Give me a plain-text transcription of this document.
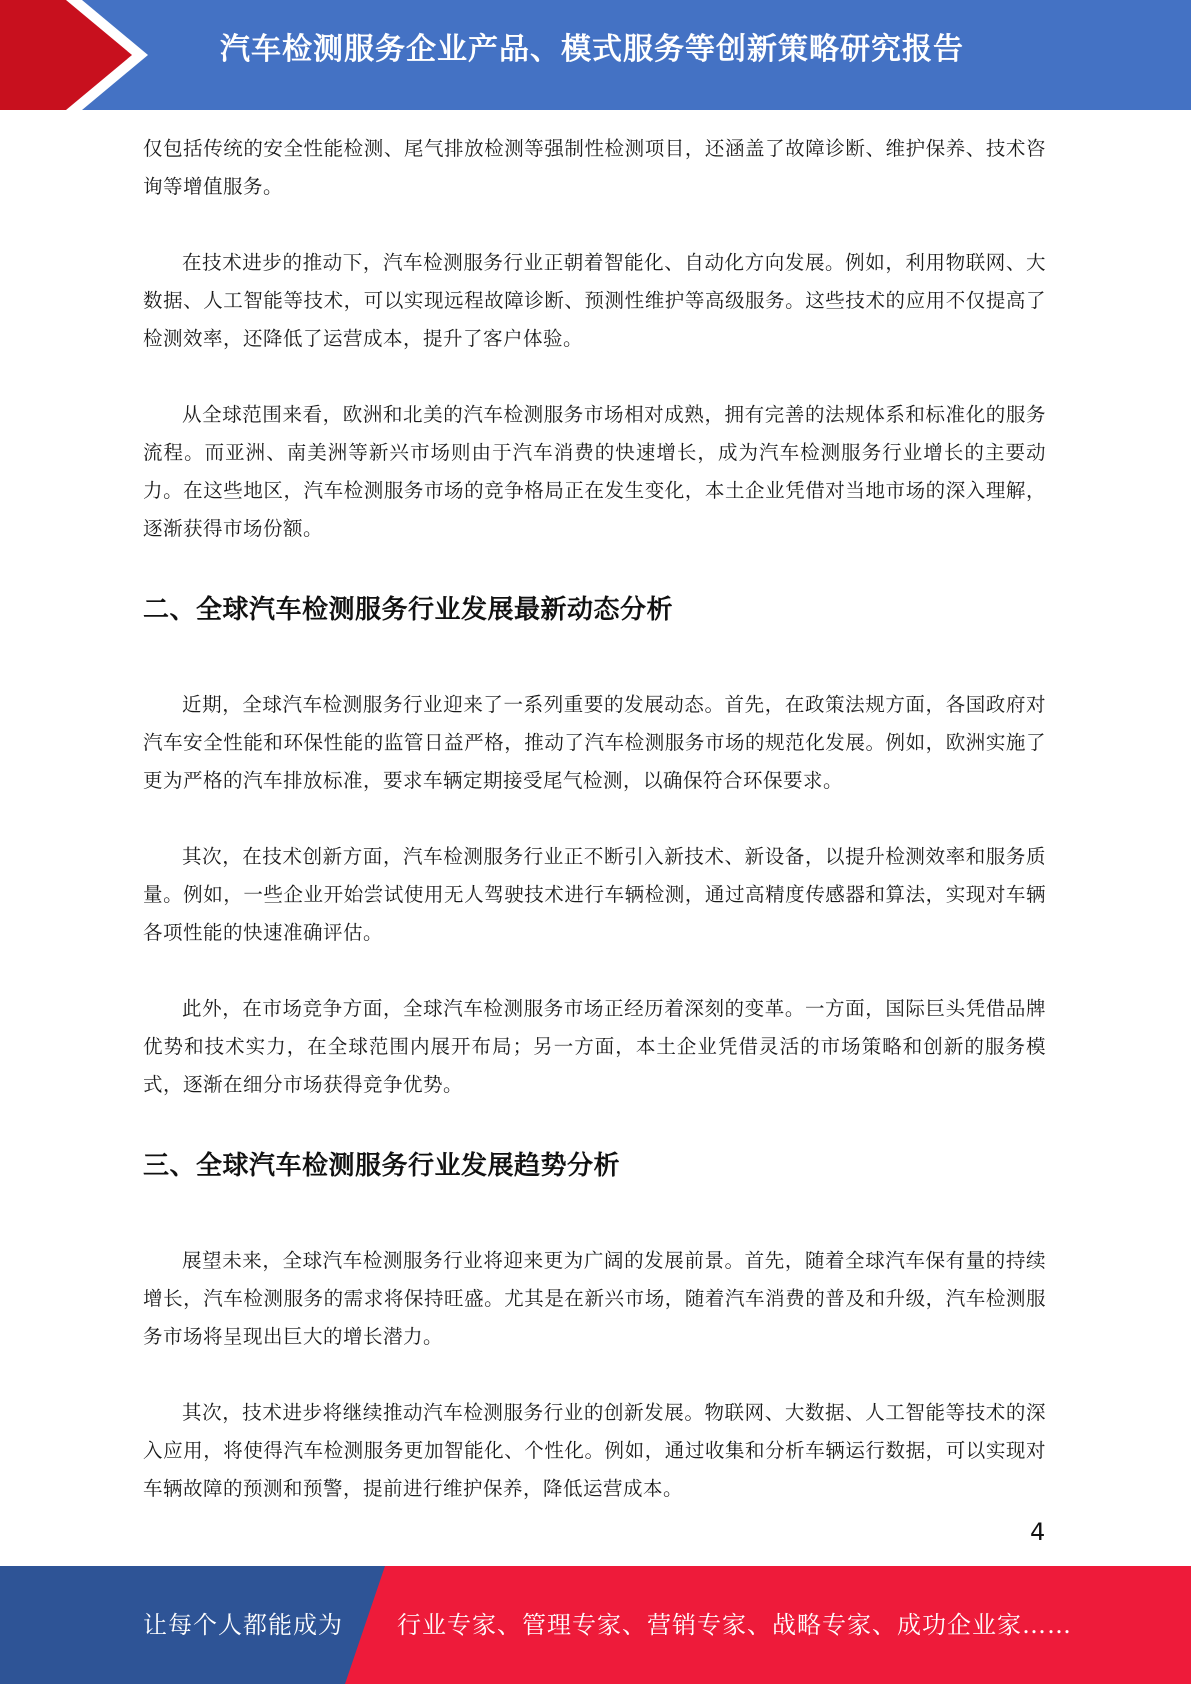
汽车检测服务企业产品、模式服务等创新策略研究报告

仅包括传统的安全性能检测、尾气排放检测等强制性检测项目，还涵盖了故障诊断、维护保养、技术咨询等增值服务。

在技术进步的推动下，汽车检测服务行业正朝着智能化、自动化方向发展。例如，利用物联网、大数据、人工智能等技术，可以实现远程故障诊断、预测性维护等高级服务。这些技术的应用不仅提高了检测效率，还降低了运营成本，提升了客户体验。

从全球范围来看，欧洲和北美的汽车检测服务市场相对成熟，拥有完善的法规体系和标准化的服务流程。而亚洲、南美洲等新兴市场则由于汽车消费的快速增长，成为汽车检测服务行业增长的主要动力。在这些地区，汽车检测服务市场的竞争格局正在发生变化，本土企业凭借对当地市场的深入理解，逐渐获得市场份额。

二、全球汽车检测服务行业发展最新动态分析

近期，全球汽车检测服务行业迎来了一系列重要的发展动态。首先，在政策法规方面，各国政府对汽车安全性能和环保性能的监管日益严格，推动了汽车检测服务市场的规范化发展。例如，欧洲实施了更为严格的汽车排放标准，要求车辆定期接受尾气检测，以确保符合环保要求。

其次，在技术创新方面，汽车检测服务行业正不断引入新技术、新设备，以提升检测效率和服务质量。例如，一些企业开始尝试使用无人驾驶技术进行车辆检测，通过高精度传感器和算法，实现对车辆各项性能的快速准确评估。

此外，在市场竞争方面，全球汽车检测服务市场正经历着深刻的变革。一方面，国际巨头凭借品牌优势和技术实力，在全球范围内展开布局；另一方面，本土企业凭借灵活的市场策略和创新的服务模式，逐渐在细分市场获得竞争优势。

三、全球汽车检测服务行业发展趋势分析

展望未来，全球汽车检测服务行业将迎来更为广阔的发展前景。首先，随着全球汽车保有量的持续增长，汽车检测服务的需求将保持旺盛。尤其是在新兴市场，随着汽车消费的普及和升级，汽车检测服务市场将呈现出巨大的增长潜力。

其次，技术进步将继续推动汽车检测服务行业的创新发展。物联网、大数据、人工智能等技术的深入应用，将使得汽车检测服务更加智能化、个性化。例如，通过收集和分析车辆运行数据，可以实现对车辆故障的预测和预警，提前进行维护保养，降低运营成本。

4
让每个人都能成为 行业专家、管理专家、营销专家、战略专家、成功企业家……
